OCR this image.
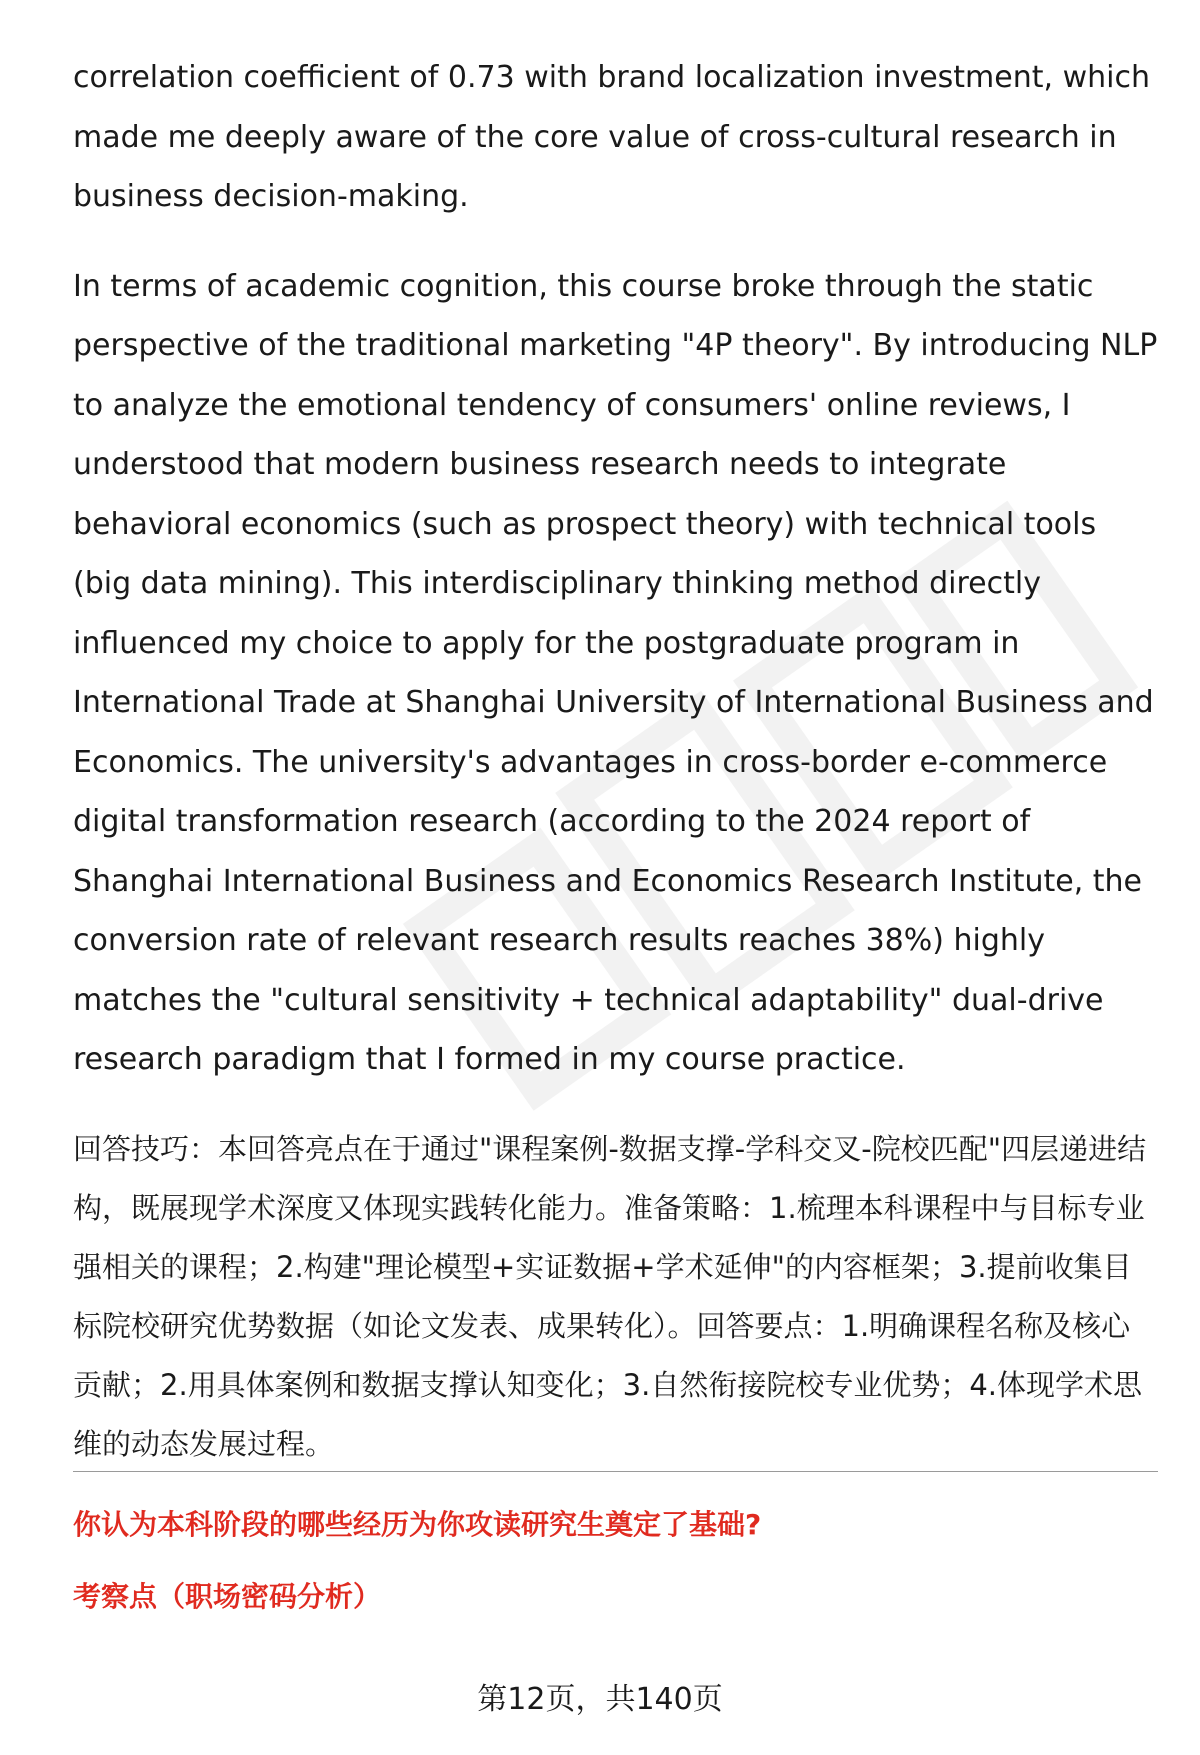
correlation coefficient of 0.73 with brand localization investment, which made me deeply aware of the core value of cross-cultural research in business decision-making.

In terms of academic cognition, this course broke through the static perspective of the traditional marketing "4P theory". By introducing NLP to analyze the emotional tendency of consumers' online reviews, I understood that modern business research needs to integrate behavioral economics (such as prospect theory) with technical tools (big data mining). This interdisciplinary thinking method directly influenced my choice to apply for the postgraduate program in International Trade at Shanghai University of International Business and Economics. The university's advantages in cross-border e-commerce digital transformation research (according to the 2024 report of Shanghai International Business and Economics Research Institute, the conversion rate of relevant research results reaches 38%) highly matches the "cultural sensitivity + technical adaptability" dual-drive research paradigm that I formed in my course practice.

回答技巧：本回答亮点在于通过"课程案例-数据支撑-学科交叉-院校匹配"四层递进结构，既展现学术深度又体现实践转化能力。准备策略：1.梳理本科课程中与目标专业强相关的课程；2.构建"理论模型+实证数据+学术延伸"的内容框架；3.提前收集目标院校研究优势数据（如论文发表、成果转化）。回答要点：1.明确课程名称及核心贡献；2.用具体案例和数据支撑认知变化；3.自然衔接院校专业优势；4.体现学术思维的动态发展过程。

你认为本科阶段的哪些经历为你攻读研究生奠定了基础?

考察点（职场密码分析）

第12页，共140页
